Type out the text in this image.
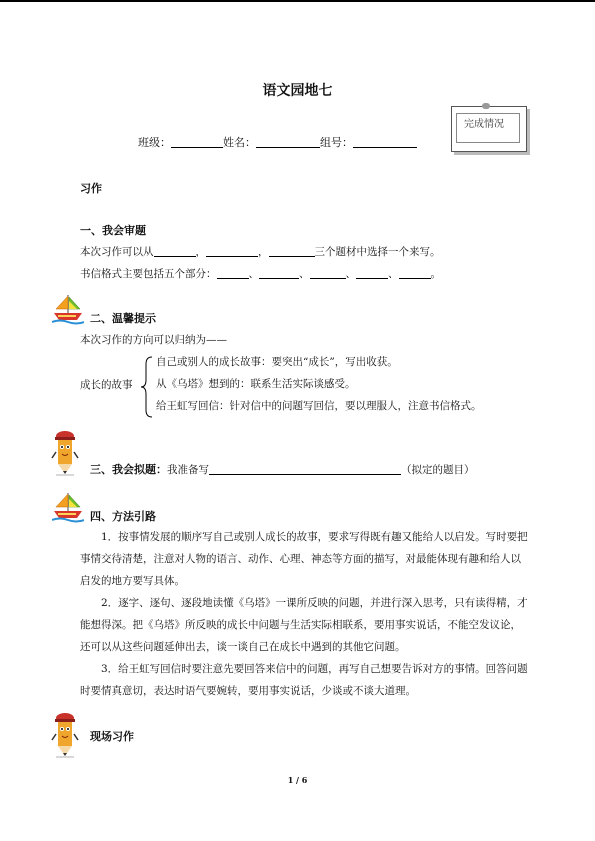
语文园地七
班级：	姓名：	组号：
完成情况
习作
一、我会审题
本次习作可以从	，	，	三个题材中选择一个来写。
书信格式主要包括五个部分：	、	、	、	、	。
二、温馨提示
本次习作的方向可以归纳为——
成长的故事
自己或别人的成长故事：要突出“成长”，写出收获。
从《乌塔》想到的：联系生活实际谈感受。
给王虹写回信：针对信中的问题写回信，要以理服人，注意书信格式。
三、我会拟题：我准备写	（拟定的题目）
四、方法引路
1．按事情发展的顺序写自己或别人成长的故事，要求写得既有趣又能给人以启发。写时要把事情交待清楚，注意对人物的语言、动作、心理、神态等方面的描写，对最能体现有趣和给人以启发的地方要写具体。
2．逐字、逐句、逐段地读懂《乌塔》一课所反映的问题，并进行深入思考，只有读得精，才能想得深。把《乌塔》所反映的成长中问题与生活实际相联系，要用事实说话，不能空发议论，还可以从这些问题延伸出去，谈一谈自己在成长中遇到的其他它问题。
3．给王虹写回信时要注意先要回答来信中的问题，再写自己想要告诉对方的事情。回答问题时要情真意切，表达时语气要婉转，要用事实说话，少谈或不谈大道理。
现场习作
1 / 6
